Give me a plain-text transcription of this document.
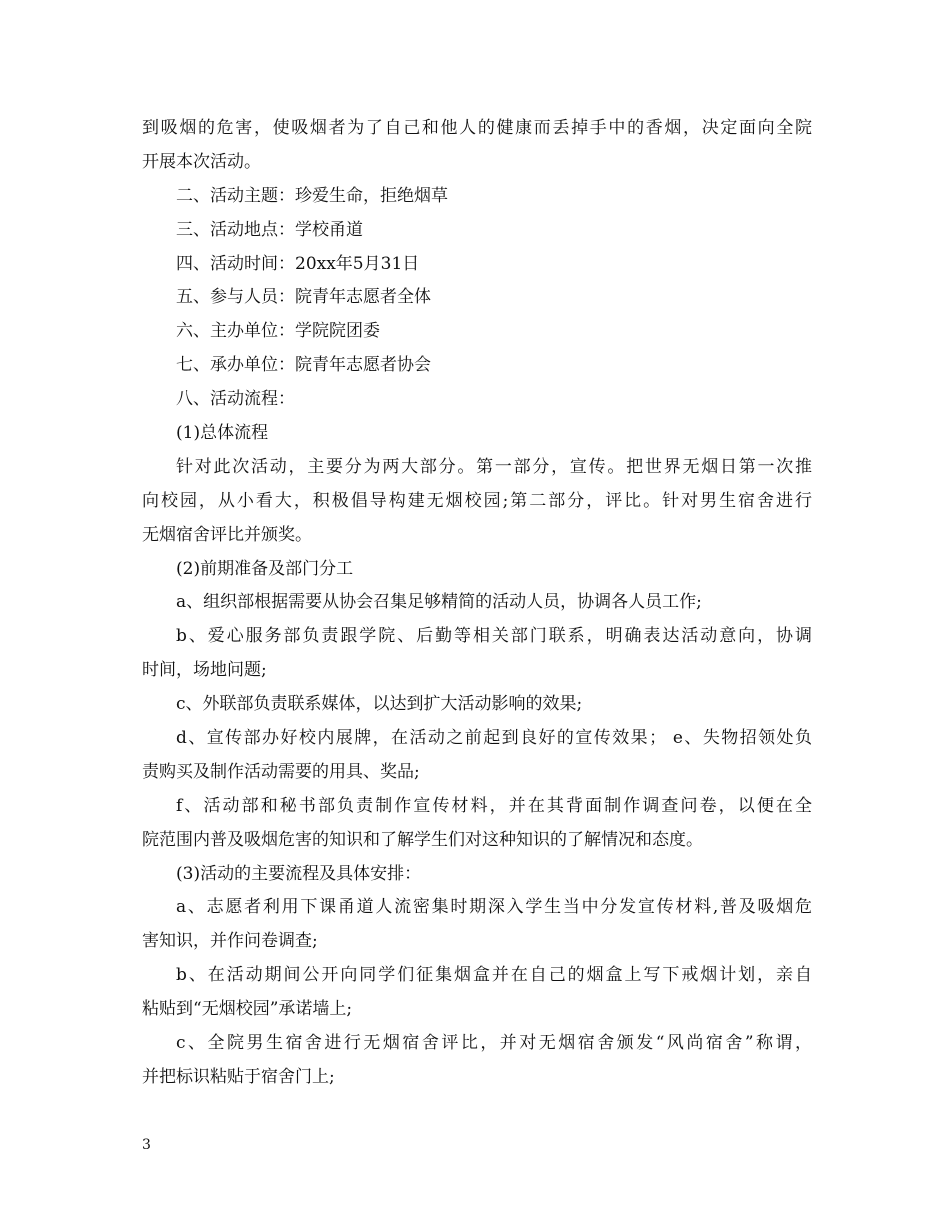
到吸烟的危害，使吸烟者为了自己和他人的健康而丢掉手中的香烟，决定面向全院
开展本次活动。
二、活动主题：珍爱生命，拒绝烟草
三、活动地点：学校甬道
四、活动时间：20xx年5月31日
五、参与人员：院青年志愿者全体
六、主办单位：学院院团委
七、承办单位：院青年志愿者协会
八、活动流程：
(1)总体流程
针对此次活动，主要分为两大部分。第一部分，宣传。把世界无烟日第一次推
向校园，从小看大，积极倡导构建无烟校园;第二部分，评比。针对男生宿舍进行
无烟宿舍评比并颁奖。
(2)前期准备及部门分工
a、组织部根据需要从协会召集足够精简的活动人员，协调各人员工作;
b、爱心服务部负责跟学院、后勤等相关部门联系，明确表达活动意向，协调
时间，场地问题;
c、外联部负责联系媒体，以达到扩大活动影响的效果;
d、宣传部办好校内展牌，在活动之前起到良好的宣传效果； e、失物招领处负
责购买及制作活动需要的用具、奖品;
f、活动部和秘书部负责制作宣传材料，并在其背面制作调查问卷，以便在全
院范围内普及吸烟危害的知识和了解学生们对这种知识的了解情况和态度。
(3)活动的主要流程及具体安排：
a、志愿者利用下课甬道人流密集时期深入学生当中分发宣传材料,普及吸烟危
害知识，并作问卷调查;
b、在活动期间公开向同学们征集烟盒并在自己的烟盒上写下戒烟计划，亲自
粘贴到“无烟校园”承诺墙上;
c、全院男生宿舍进行无烟宿舍评比，并对无烟宿舍颁发“风尚宿舍”称谓，
并把标识粘贴于宿舍门上;
3
